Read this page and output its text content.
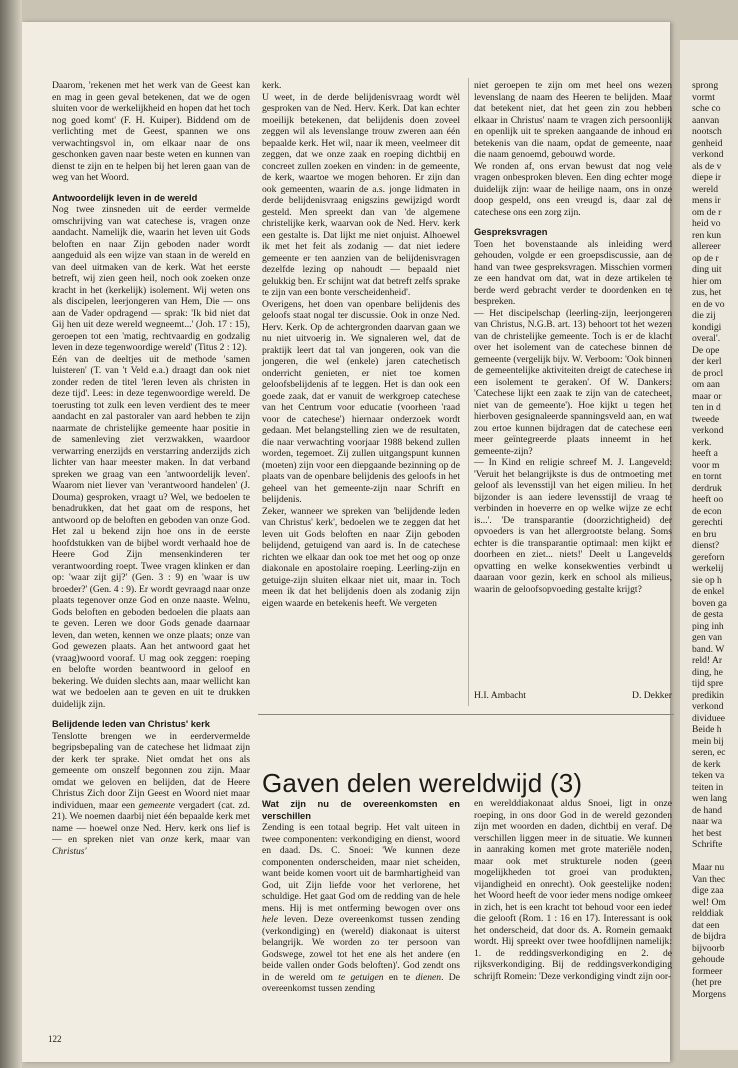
Daarom, 'rekenen met het werk van de Geest kan en mag in geen geval betekenen, dat we de ogen sluiten voor de werkelijkheid en hopen dat het toch nog goed komt' (F. H. Kuiper). Biddend om de verlichting met de Geest, spannen we ons verwachtingsvol in, om elkaar naar de ons geschonken gaven naar beste weten en kunnen van dienst te zijn en te helpen bij het leren gaan van de weg van het Woord.

Antwoordelijk leven in de wereld

Nog twee zinsneden uit de eerder vermelde omschrijving van wat catechese is, vragen onze aandacht. Namelijk die, waarin het leven uit Gods beloften en naar Zijn geboden nader wordt aangeduid als een wijze van staan in de wereld en van deel uitmaken van de kerk. Wat het eerste betreft, wij zien geen heil, noch ook zoeken onze kracht in het (kerkelijk) isolement. Wij weten ons als discipelen, leerjongeren van Hem, Die — ons aan de Vader opdragend — sprak: 'Ik bid niet dat Gij hen uit deze wereld wegneemt...' (Joh. 17 : 15), geroepen tot een 'matig, rechtvaardig en godzalig leven in deze tegenwoordige wereld' (Titus 2 : 12).

Eén van de deeltjes uit de methode 'samen luisteren' (T. van 't Veld e.a.) draagt dan ook niet zonder reden de titel 'leren leven als christen in deze tijd'. Lees: in deze tegenwoordige wereld. De toerusting tot zulk een leven verdient des te meer aandacht en zal pastoraler van aard hebben te zijn naarmate de christelijke gemeente haar positie in de samenleving ziet verzwakken, waardoor verwarring enerzijds en verstarring anderzijds zich lichter van haar meester maken. In dat verband spreken we graag van een 'antwoordelijk leven'. Waarom niet liever van 'verantwoord handelen' (J. Douma) gesproken, vraagt u? Wel, we bedoelen te benadrukken, dat het gaat om de respons, het antwoord op de beloften en geboden van onze God. Het zal u bekend zijn hoe ons in de eerste hoofdstukken van de bijbel wordt verhaald hoe de Heere God Zijn mensenkinderen ter verantwoording roept. Twee vragen klinken er dan op: 'waar zijt gij?' (Gen. 3 : 9) en 'waar is uw broeder?' (Gen. 4 : 9). Er wordt gevraagd naar onze plaats tegenover onze God en onze naaste. Welnu, Gods beloften en geboden bedoelen die plaats aan te geven. Leren we door Gods genade daarnaar leven, dan weten, kennen we onze plaats; onze van God gewezen plaats. Aan het antwoord gaat het (vraag)woord vooraf. U mag ook zeggen: roeping en belofte worden beantwoord in geloof en bekering. We duiden slechts aan, maar wellicht kan wat we bedoelen aan te geven en uit te drukken duidelijk zijn.

Belijdende leden van Christus' kerk

Tenslotte brengen we in eerdervermelde begripsbepaling van de catechese het lidmaat zijn der kerk ter sprake. Niet omdat het ons als gemeente om onszelf begonnen zou zijn. Maar omdat we geloven en belijden, dat de Heere Christus Zich door Zijn Geest en Woord niet maar individuen, maar een gemeente vergadert (cat. zd. 21). We noemen daarbij niet één bepaalde kerk met name — hoewel onze Ned. Herv. kerk ons lief is — en spreken niet van onze kerk, maar van Christus'

kerk.

U weet, in de derde belijdenisvraag wordt wèl gesproken van de Ned. Herv. Kerk. Dat kan echter moeilijk betekenen, dat belijdenis doen zoveel zeggen wil als levenslange trouw zweren aan één bepaalde kerk. Het wil, naar ik meen, veelmeer dit zeggen, dat we onze zaak en roeping dichtbij en concreet zullen zoeken en vinden: in de gemeente, de kerk, waartoe we mogen behoren. Er zijn dan ook gemeenten, waarin de a.s. jonge lidmaten in derde belijdenisvraag enigszins gewijzigd wordt gesteld. Men spreekt dan van 'de algemene christelijke kerk, waarvan ook de Ned. Herv. kerk een gestalte is. Dat lijkt me niet onjuist. Alhoewel ik met het feit als zodanig — dat niet iedere gemeente er ten aanzien van de belijdenisvragen dezelfde lezing op nahoudt — bepaald niet gelukkig ben. Er schijnt wat dat betreft zelfs sprake te zijn van een bonte verscheidenheid'.

Overigens, het doen van openbare belijdenis des geloofs staat nogal ter discussie. Ook in onze Ned. Herv. Kerk. Op de achtergronden daarvan gaan we nu niet uitvoerig in. We signaleren wel, dat de praktijk leert dat tal van jongeren, ook van die jongeren, die wel (enkele) jaren catechetisch onderricht genieten, er niet toe komen geloofsbelijdenis af te leggen. Het is dan ook een goede zaak, dat er vanuit de werkgroep catechese van het Centrum voor educatie (voorheen 'raad voor de catechese') hiernaar onderzoek wordt gedaan. Met belangstelling zien we de resultaten, die naar verwachting voorjaar 1988 bekend zullen worden, tegemoet. Zij zullen uitgangspunt kunnen (moeten) zijn voor een diepgaande bezinning op de plaats van de openbare belijdenis des geloofs in het geheel van het gemeente-zijn naar Schrift en belijdenis.

Zeker, wanneer we spreken van 'belijdende leden van Christus' kerk', bedoelen we te zeggen dat het leven uit Gods beloften en naar Zijn geboden belijdend, getuigend van aard is. In de catechese richten we elkaar dan ook toe met het oog op onze diakonale en apostolaire roeping. Leerling-zijn en getuige-zijn sluiten elkaar niet uit, maar in. Toch meen ik dat het belijdenis doen als zodanig zijn eigen waarde en betekenis heeft. We vergeten

niet geroepen te zijn om met heel ons wezen levenslang de naam des Heeren te belijden. Maar dat betekent niet, dat het geen zin zou hebben elkaar in Christus' naam te vragen zich persoonlijk en openlijk uit te spreken aangaande de inhoud en betekenis van die naam, opdat de gemeente, naar die naam genoemd, gebouwd worde.

We ronden af, ons ervan bewust dat nog vele vragen onbesproken bleven. Een ding echter moge duidelijk zijn: waar de heilige naam, ons in onze doop gespeld, ons een vreugd is, daar zal de catechese ons een zorg zijn.

Gespreksvragen

Toen het bovenstaande als inleiding werd gehouden, volgde er een groepsdiscussie, aan de hand van twee gespreksvragen. Misschien vormen ze een handvat om dat, wat in deze artikelen te berde werd gebracht verder te doordenken en te bespreken.

— Het discipelschap (leerling-zijn, leerjongeren van Christus, N.G.B. art. 13) behoort tot het wezen van de christelijke gemeente. Toch is er de klacht over het isolement van de catechese binnen de gemeente (vergelijk bijv. W. Verboom: 'Ook binnen de gemeentelijke aktiviteiten dreigt de catechese in een isolement te geraken'. Of W. Dankers: 'Catechese lijkt een zaak te zijn van de catecheet, niet van de gemeente'). Hoe kijkt u tegen het hierboven gesignaleerde spanningsveld aan, en wat zou ertoe kunnen bijdragen dat de catechese een meer geïntegreerde plaats inneemt in het gemeente-zijn?

— In Kind en religie schreef M. J. Langeveld: 'Veruit het belangrijkste is dus de ontmoeting met geloof als levensstijl van het eigen milieu. In het bijzonder is aan iedere levensstijl de vraag te verbinden in hoeverre en op welke wijze ze echt is...'. 'De transparantie (doorzichtigheid) der opvoeders is van het allergrootste belang. Soms echter is die transparantie optimaal: men kijkt er doorheen en ziet... niets!' Deelt u Langevelds opvatting en welke konsekwenties verbindt u daaraan voor gezin, kerk en school als milieus, waarin de geloofsopvoeding gestalte krijgt?

H.I. Ambacht	D. Dekker
Gaven delen wereldwijd (3)
Wat zijn nu de overeenkomsten en verschillen

Zending is een totaal begrip. Het valt uiteen in twee componenten: verkondiging en dienst, woord en daad. Ds. C. Snoei: 'We kunnen deze componenten onderscheiden, maar niet scheiden, want beide komen voort uit de barmhartigheid van God, uit Zijn liefde voor het verlorene, het schuldige. Het gaat God om de redding van de hele mens. Hij is met ontferming bewogen over ons hele leven. Deze overeenkomst tussen zending (verkondiging) en (wereld) diakonaat is uiterst belangrijk. We worden zo ter persoon van Godswege, zowel tot het ene als het andere (en beide vallen onder Gods beloften)'. God zendt ons in de wereld om te getuigen en te dienen. De overeenkomst tussen zending

en werelddiakonaat aldus Snoei, ligt in onze roeping, in ons door God in de wereld gezonden zijn met woorden en daden, dichtbij en veraf. De verschillen liggen meer in de situatie. We kunnen in aanraking komen met grote materiële noden, maar ook met strukturele noden (geen mogelijkheden tot groei van produkten, vijandigheid en onrecht). Ook geestelijke noden: het Woord heeft de voor ieder mens nodige omkeer in zich, het is een kracht tot behoud voor een ieder die gelooft (Rom. 1 : 16 en 17). Interessant is ook het onderscheid, dat door ds. A. Romein gemaakt wordt. Hij spreekt over twee hoofdlijnen namelijk: 1. de reddingsverkondiging en 2. de rijksverkondiging. Bij de reddingsverkondiging schrijft Romein: 'Deze verkondiging vindt zijn oor-

122
sprong
vormt
sche co
aanvan
nootsch
genheid
verkond
als de v
diepe ir
wereld
mens ir
om de r
heid vo
ren kun
allereer
op de r
ding uit
hier om
zus, het
en de vo
die zij
kondigi
overal'.
De ope
der kerl
de procl
om aan
maar or
ten in d
tweede
verkond
kerk.
heeft a
voor m
en tornt
derdruk
heeft oo
de econ
gerechti
en bru
dienst?
gereforn
werkelij
sie op h
de enkel
boven ga
de gesta
ping inh
gen van
band. W
reld! Ar
ding, he
tijd spre
predikin
verkond
dividuee
Beide h
mein bij
seren, ec
de kerk
teken va
teiten in
wen lang
de hand
naar wa
het best
Schrifte
Maar nu
Van thec
dige zaa
wel! Om
relddiak
dat een
de bijdra
bijvoorb
gehoude
formeer
(het pre
Morgens
